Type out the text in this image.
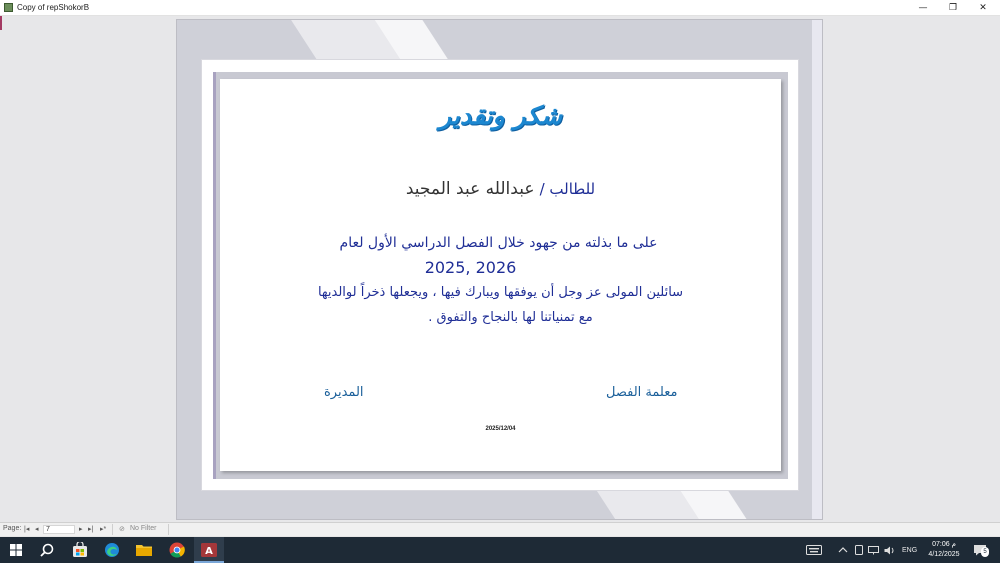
Copy of repShokorB	—	❐	✕
شكر وتقدير
للطالب / عبدالله عبد المجيد
على ما بذلته من جهود خلال الفصل الدراسي الأول لعام
2025, 2026
سائلين المولى عز وجل أن يوفقها ويبارك فيها ، ويجعلها ذخراً لوالديها
مع تمنياتنا لها بالنجاح والتفوق .
معلمة الفصل
المديرة
2025/12/04
Page: |◂ ◂	7	▸ ▸| ▸* ⊘ No Filter
A	ENG
07:06 م
4/12/2025	5
